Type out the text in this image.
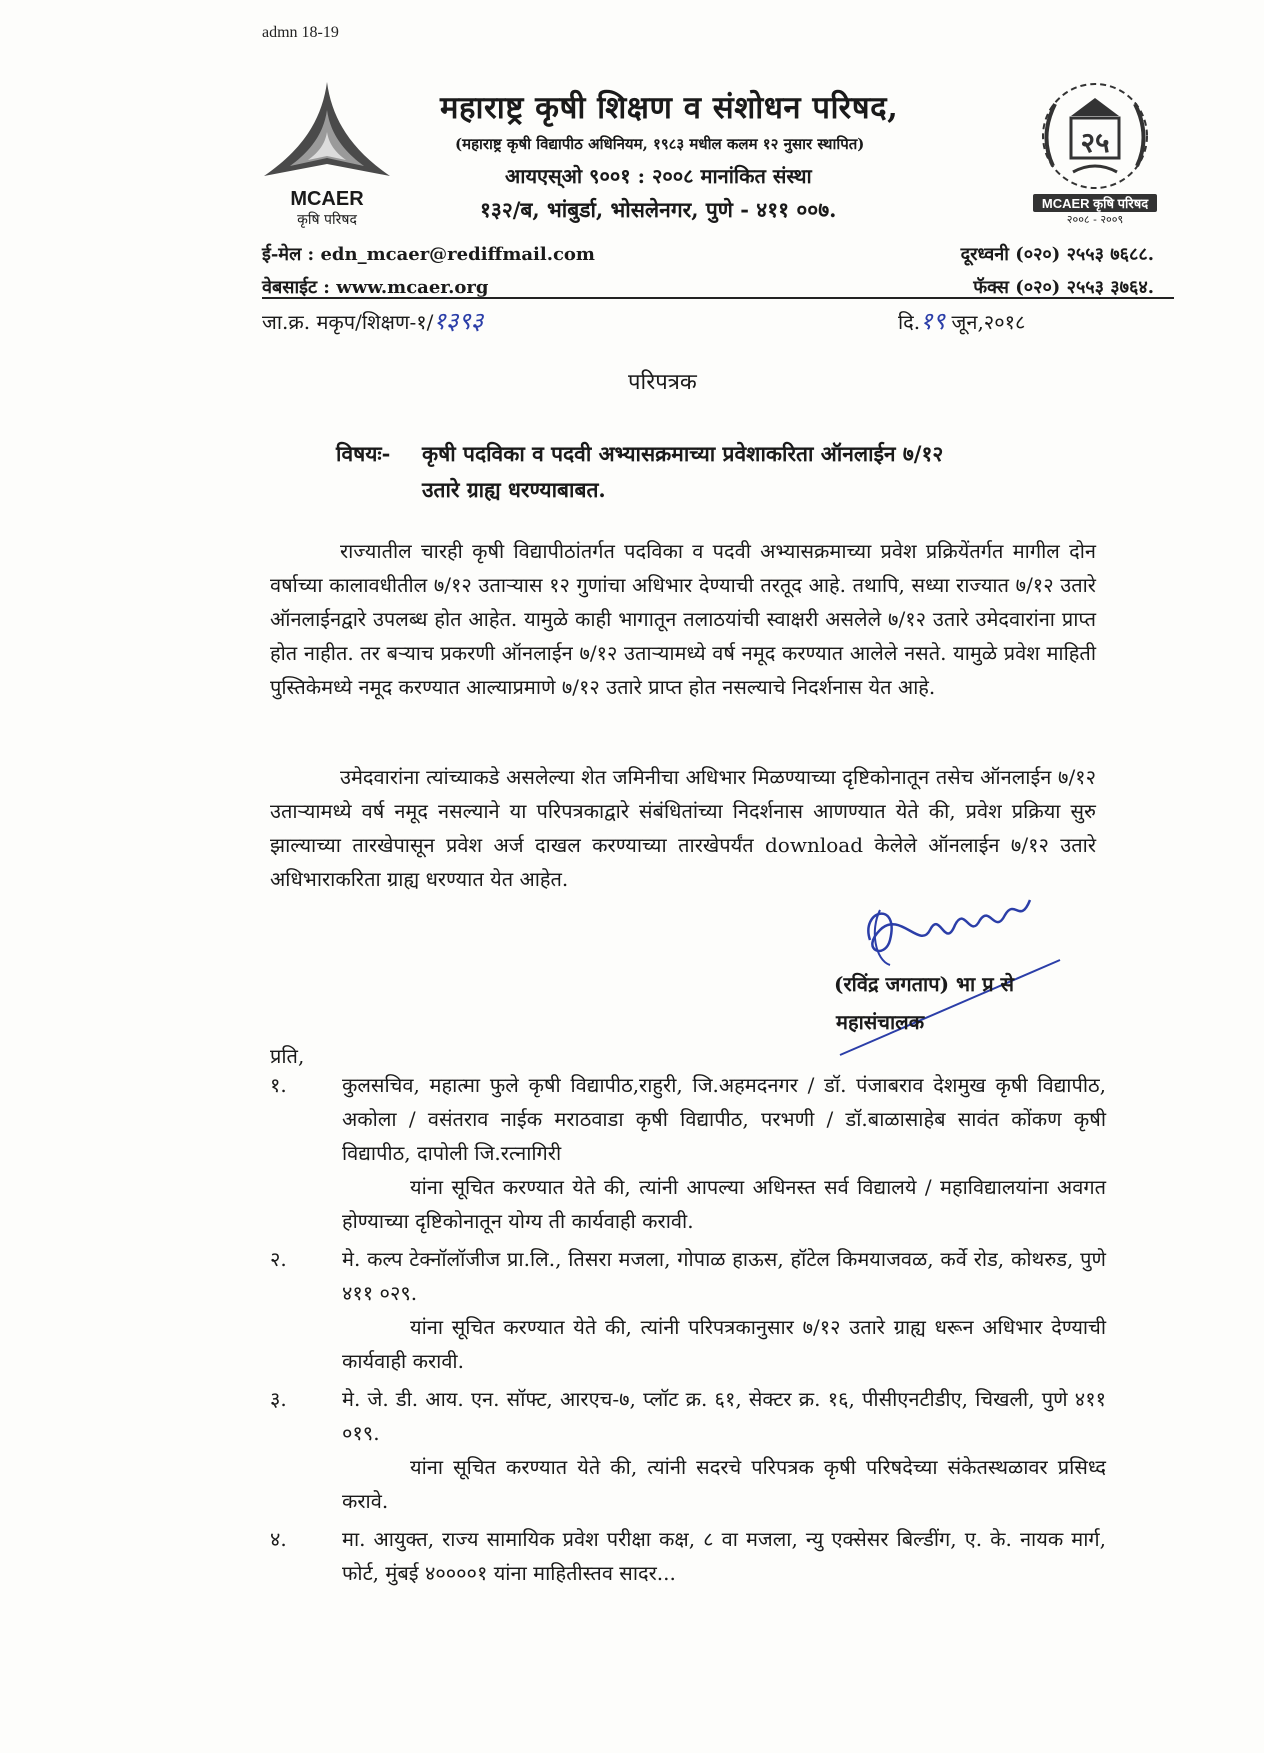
admn 18-19
MCAER
कृषि परिषद
२५
MCAER कृषि परिषद
२००८ - २००९
महाराष्ट्र कृषी शिक्षण व संशोधन परिषद,
(महाराष्ट्र कृषी विद्यापीठ अधिनियम, १९८३ मधील कलम १२ नुसार स्थापित)
आयएस्ओ ९००१ : २००८ मानांकित संस्था
१३२/ब, भांबुर्डा, भोसलेनगर, पुणे - ४११ ००७.
ई-मेल : edn_mcaer@rediffmail.com
वेबसाईट : www.mcaer.org
दूरध्वनी (०२०) २५५३ ७६८८.
फॅक्स (०२०) २५५३ ३७६४.
जा.क्र. मकृप/शिक्षण-१/१३९३	दि.१९ जून,२०१८
परिपत्रक
विषयः- कृषी पदविका व पदवी अभ्यासक्रमाच्या प्रवेशाकरिता ऑनलाईन ७/१२
उतारे ग्राह्य धरण्याबाबत.
राज्यातील चारही कृषी विद्यापीठांतर्गत पदविका व पदवी अभ्यासक्रमाच्या प्रवेश प्रक्रियेंतर्गत मागील दोन वर्षाच्या कालावधीतील ७/१२ उताऱ्यास १२ गुणांचा अधिभार देण्याची तरतूद आहे. तथापि, सध्या राज्यात ७/१२ उतारे ऑनलाईनद्वारे उपलब्ध होत आहेत. यामुळे काही भागातून तलाठयांची स्वाक्षरी असलेले ७/१२ उतारे उमेदवारांना प्राप्त होत नाहीत. तर बऱ्याच प्रकरणी ऑनलाईन ७/१२ उताऱ्यामध्ये वर्ष नमूद करण्यात आलेले नसते. यामुळे प्रवेश माहिती पुस्तिकेमध्ये नमूद करण्यात आल्याप्रमाणे ७/१२ उतारे प्राप्त होत नसल्याचे निदर्शनास येत आहे.
उमेदवारांना त्यांच्याकडे असलेल्या शेत जमिनीचा अधिभार मिळण्याच्या दृष्टिकोनातून तसेच ऑनलाईन ७/१२ उताऱ्यामध्ये वर्ष नमूद नसल्याने या परिपत्रकाद्वारे संबंधितांच्या निदर्शनास आणण्यात येते की, प्रवेश प्रक्रिया सुरु झाल्याच्या तारखेपासून प्रवेश अर्ज दाखल करण्याच्या तारखेपर्यंत download केलेले ऑनलाईन ७/१२ उतारे अधिभाराकरिता ग्राह्य धरण्यात येत आहेत.
(रविंद्र जगताप) भा प्र से
महासंचालक
प्रति,
१.	कुलसचिव, महात्मा फुले कृषी विद्यापीठ,राहुरी, जि.अहमदनगर / डॉ. पंजाबराव देशमुख कृषी विद्यापीठ, अकोला / वसंतराव नाईक मराठवाडा कृषी विद्यापीठ, परभणी / डॉ.बाळासाहेब सावंत कोंकण कृषी विद्यापीठ, दापोली जि.रत्नागिरी
यांना सूचित करण्यात येते की, त्यांनी आपल्या अधिनस्त सर्व विद्यालये / महाविद्यालयांना अवगत होण्याच्या दृष्टिकोनातून योग्य ती कार्यवाही करावी.
२.	मे. कल्प टेक्नॉलॉजीज प्रा.लि., तिसरा मजला, गोपाळ हाऊस, हॉटेल किमयाजवळ, कर्वे रोड, कोथरुड, पुणे ४११ ०२९.
यांना सूचित करण्यात येते की, त्यांनी परिपत्रकानुसार ७/१२ उतारे ग्राह्य धरून अधिभार देण्याची कार्यवाही करावी.
३.	मे. जे. डी. आय. एन. सॉफ्ट, आरएच-७, प्लॉट क्र. ६१, सेक्टर क्र. १६, पीसीएनटीडीए, चिखली, पुणे ४११ ०१९.
यांना सूचित करण्यात येते की, त्यांनी सदरचे परिपत्रक कृषी परिषदेच्या संकेतस्थळावर प्रसिध्द करावे.
४.	मा. आयुक्त, राज्य सामायिक प्रवेश परीक्षा कक्ष, ८ वा मजला, न्यु एक्सेसर बिल्डींग, ए. के. नायक मार्ग, फोर्ट, मुंबई ४००००१ यांना माहितीस्तव सादर...
